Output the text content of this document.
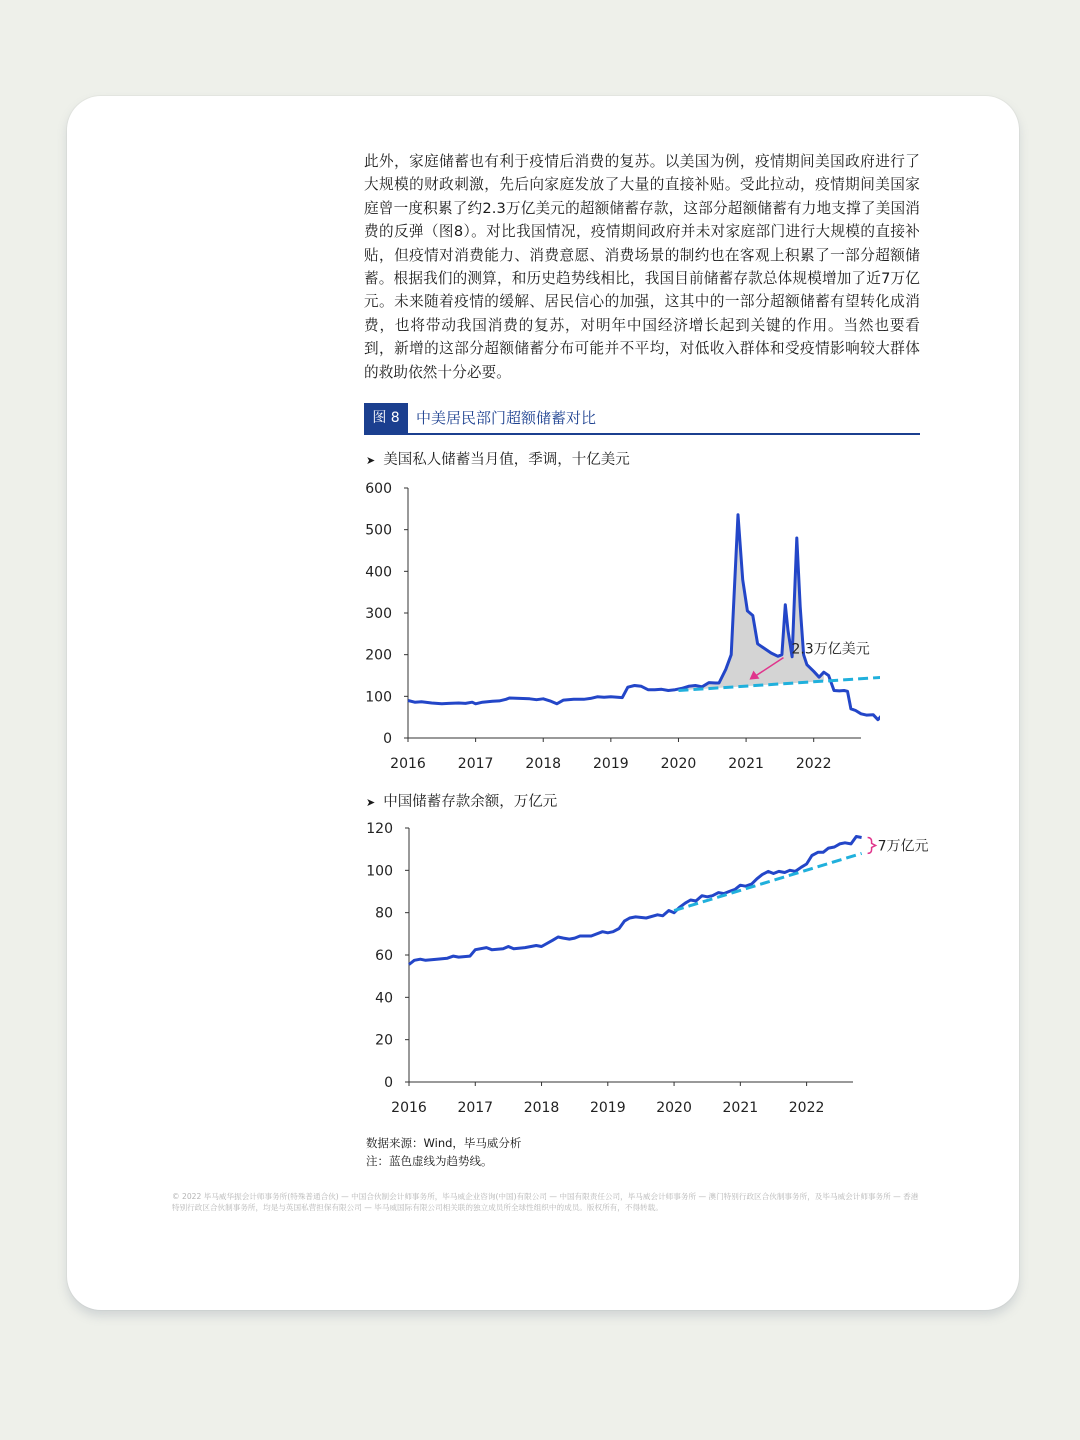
此外，家庭储蓄也有利于疫情后消费的复苏。以美国为例，疫情期间美国政府进行了大规模的财政刺激，先后向家庭发放了大量的直接补贴。受此拉动，疫情期间美国家庭曾一度积累了约2.3万亿美元的超额储蓄存款，这部分超额储蓄有力地支撑了美国消费的反弹（图8）。对比我国情况，疫情期间政府并未对家庭部门进行大规模的直接补贴，但疫情对消费能力、消费意愿、消费场景的制约也在客观上积累了一部分超额储蓄。根据我们的测算，和历史趋势线相比，我国目前储蓄存款总体规模增加了近7万亿元。未来随着疫情的缓解、居民信心的加强，这其中的一部分超额储蓄有望转化成消费，也将带动我国消费的复苏，对明年中国经济增长起到关键的作用。当然也要看到，新增的这部分超额储蓄分布可能并不平均，对低收入群体和受疫情影响较大群体的救助依然十分必要。

图 8	中美居民部门超额储蓄对比
➤ 美国私人储蓄当月值，季调，十亿美元
0
100
200
300
400
500
600
2016 2017 2018 2019 2020 2021 2022
2.3万亿美元
➤ 中国储蓄存款余额，万亿元
0
20
40
60
80
100
120
2016 2017 2018 2019 2020 2021 2022
7万亿元
数据来源：Wind，毕马威分析
注：蓝色虚线为趋势线。

© 2022 毕马威华振会计师事务所(特殊普通合伙) — 中国合伙制会计师事务所，毕马威企业咨询(中国)有限公司 — 中国有限责任公司，毕马威会计师事务所 — 澳门特别行政区合伙制事务所，及毕马威会计师事务所 — 香港特别行政区合伙制事务所，均是与英国私营担保有限公司 — 毕马威国际有限公司相关联的独立成员所全球性组织中的成员。版权所有，不得转载。
